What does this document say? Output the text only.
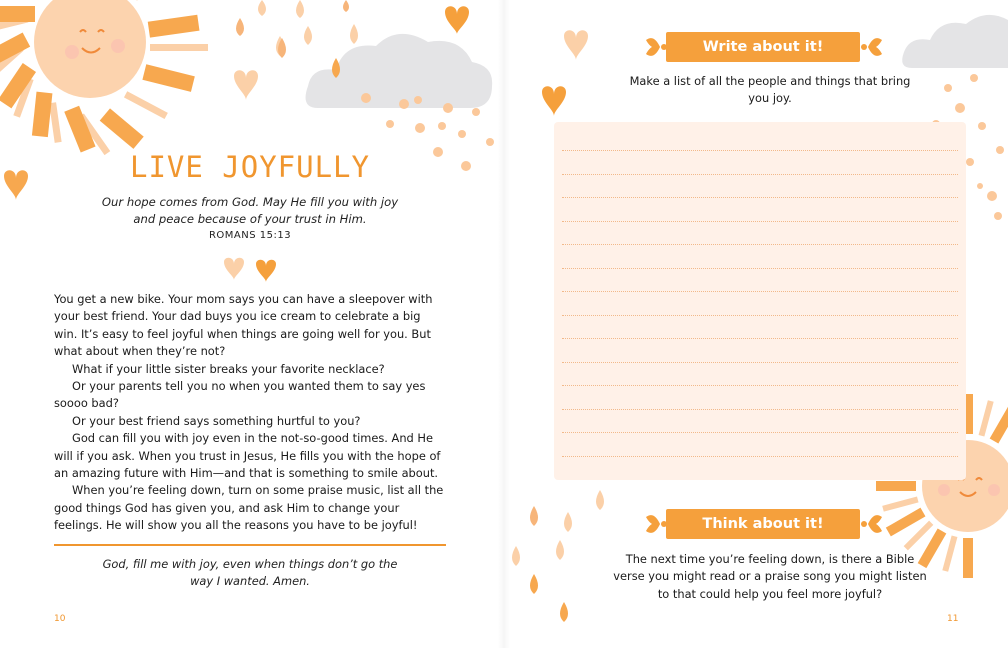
LIVE JOYFULLY
Our hope comes from God. May He fill you with joy and peace because of your trust in Him.
ROMANS 15:13

You get a new bike. Your mom says you can have a sleepover with your best friend. Your dad buys you ice cream to celebrate a big win. It’s easy to feel joyful when things are going well for you. But what about when they’re not?

What if your little sister breaks your favorite necklace?

Or your parents tell you no when you wanted them to say yes soooo bad?

Or your best friend says something hurtful to you?

God can fill you with joy even in the not-so-good times. And He will if you ask. When you trust in Jesus, He fills you with the hope of an amazing future with Him—and that is something to smile about.

When you’re feeling down, turn on some praise music, list all the good things God has given you, and ask Him to change your feelings. He will show you all the reasons you have to be joyful!

God, fill me with joy, even when things don’t go the way I wanted. Amen.
10
Write about it!
Make a list of all the people and things that bring you joy.
Think about it!
The next time you’re feeling down, is there a Bible verse you might read or a praise song you might listen to that could help you feel more joyful?
11
